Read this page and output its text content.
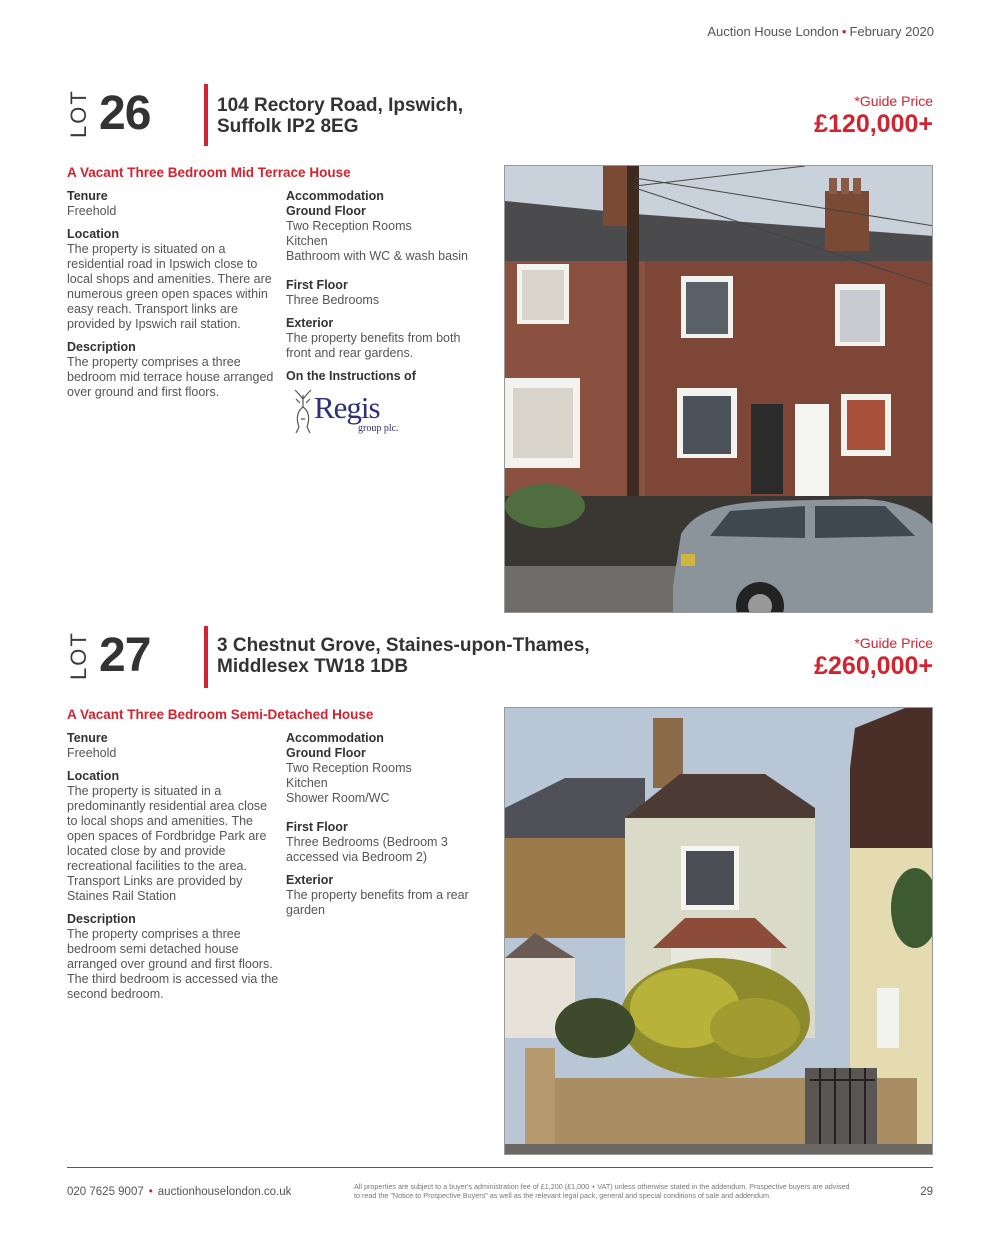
Auction House London • February 2020
LOT 26	104 Rectory Road, Ipswich,
Suffolk IP2 8EG
*Guide Price
£120,000+
A Vacant Three Bedroom Mid Terrace House
Tenure

Freehold

Location

The property is situated on a residential road in Ipswich close to local shops and amenities. There are numerous green open spaces within easy reach. Transport links are provided by Ipswich rail station.

Description

The property comprises a three bedroom mid terrace house arranged over ground and first floors.

Accommodation
Ground Floor

Two Reception Rooms

Kitchen

Bathroom with WC & wash basin

First Floor

Three Bedrooms

Exterior

The property benefits from both front and rear gardens.

On the Instructions of
Regis
group plc.
LOT 27	3 Chestnut Grove, Staines-upon-Thames,
Middlesex TW18 1DB
*Guide Price
£260,000+
A Vacant Three Bedroom Semi-Detached House
Tenure

Freehold

Location

The property is situated in a predominantly residential area close to local shops and amenities. The open spaces of Fordbridge Park are located close by and provide recreational facilities to the area. Transport Links are provided by Staines Rail Station

Description

The property comprises a three bedroom semi detached house arranged over ground and first floors. The third bedroom is accessed via the second bedroom.

Accommodation
Ground Floor

Two Reception Rooms

Kitchen

Shower Room/WC

First Floor

Three Bedrooms (Bedroom 3 accessed via Bedroom 2)

Exterior

The property benefits from a rear garden

020 7625 9007 • auctionhouselondon.co.uk	All properties are subject to a buyer's administration fee of £1,200 (£1,000 + VAT) unless otherwise stated in the addendum. Prospective buyers are advised to read the "Notice to Prospective Buyers" as well as the relevant legal pack, general and special conditions of sale and addendum.	29
